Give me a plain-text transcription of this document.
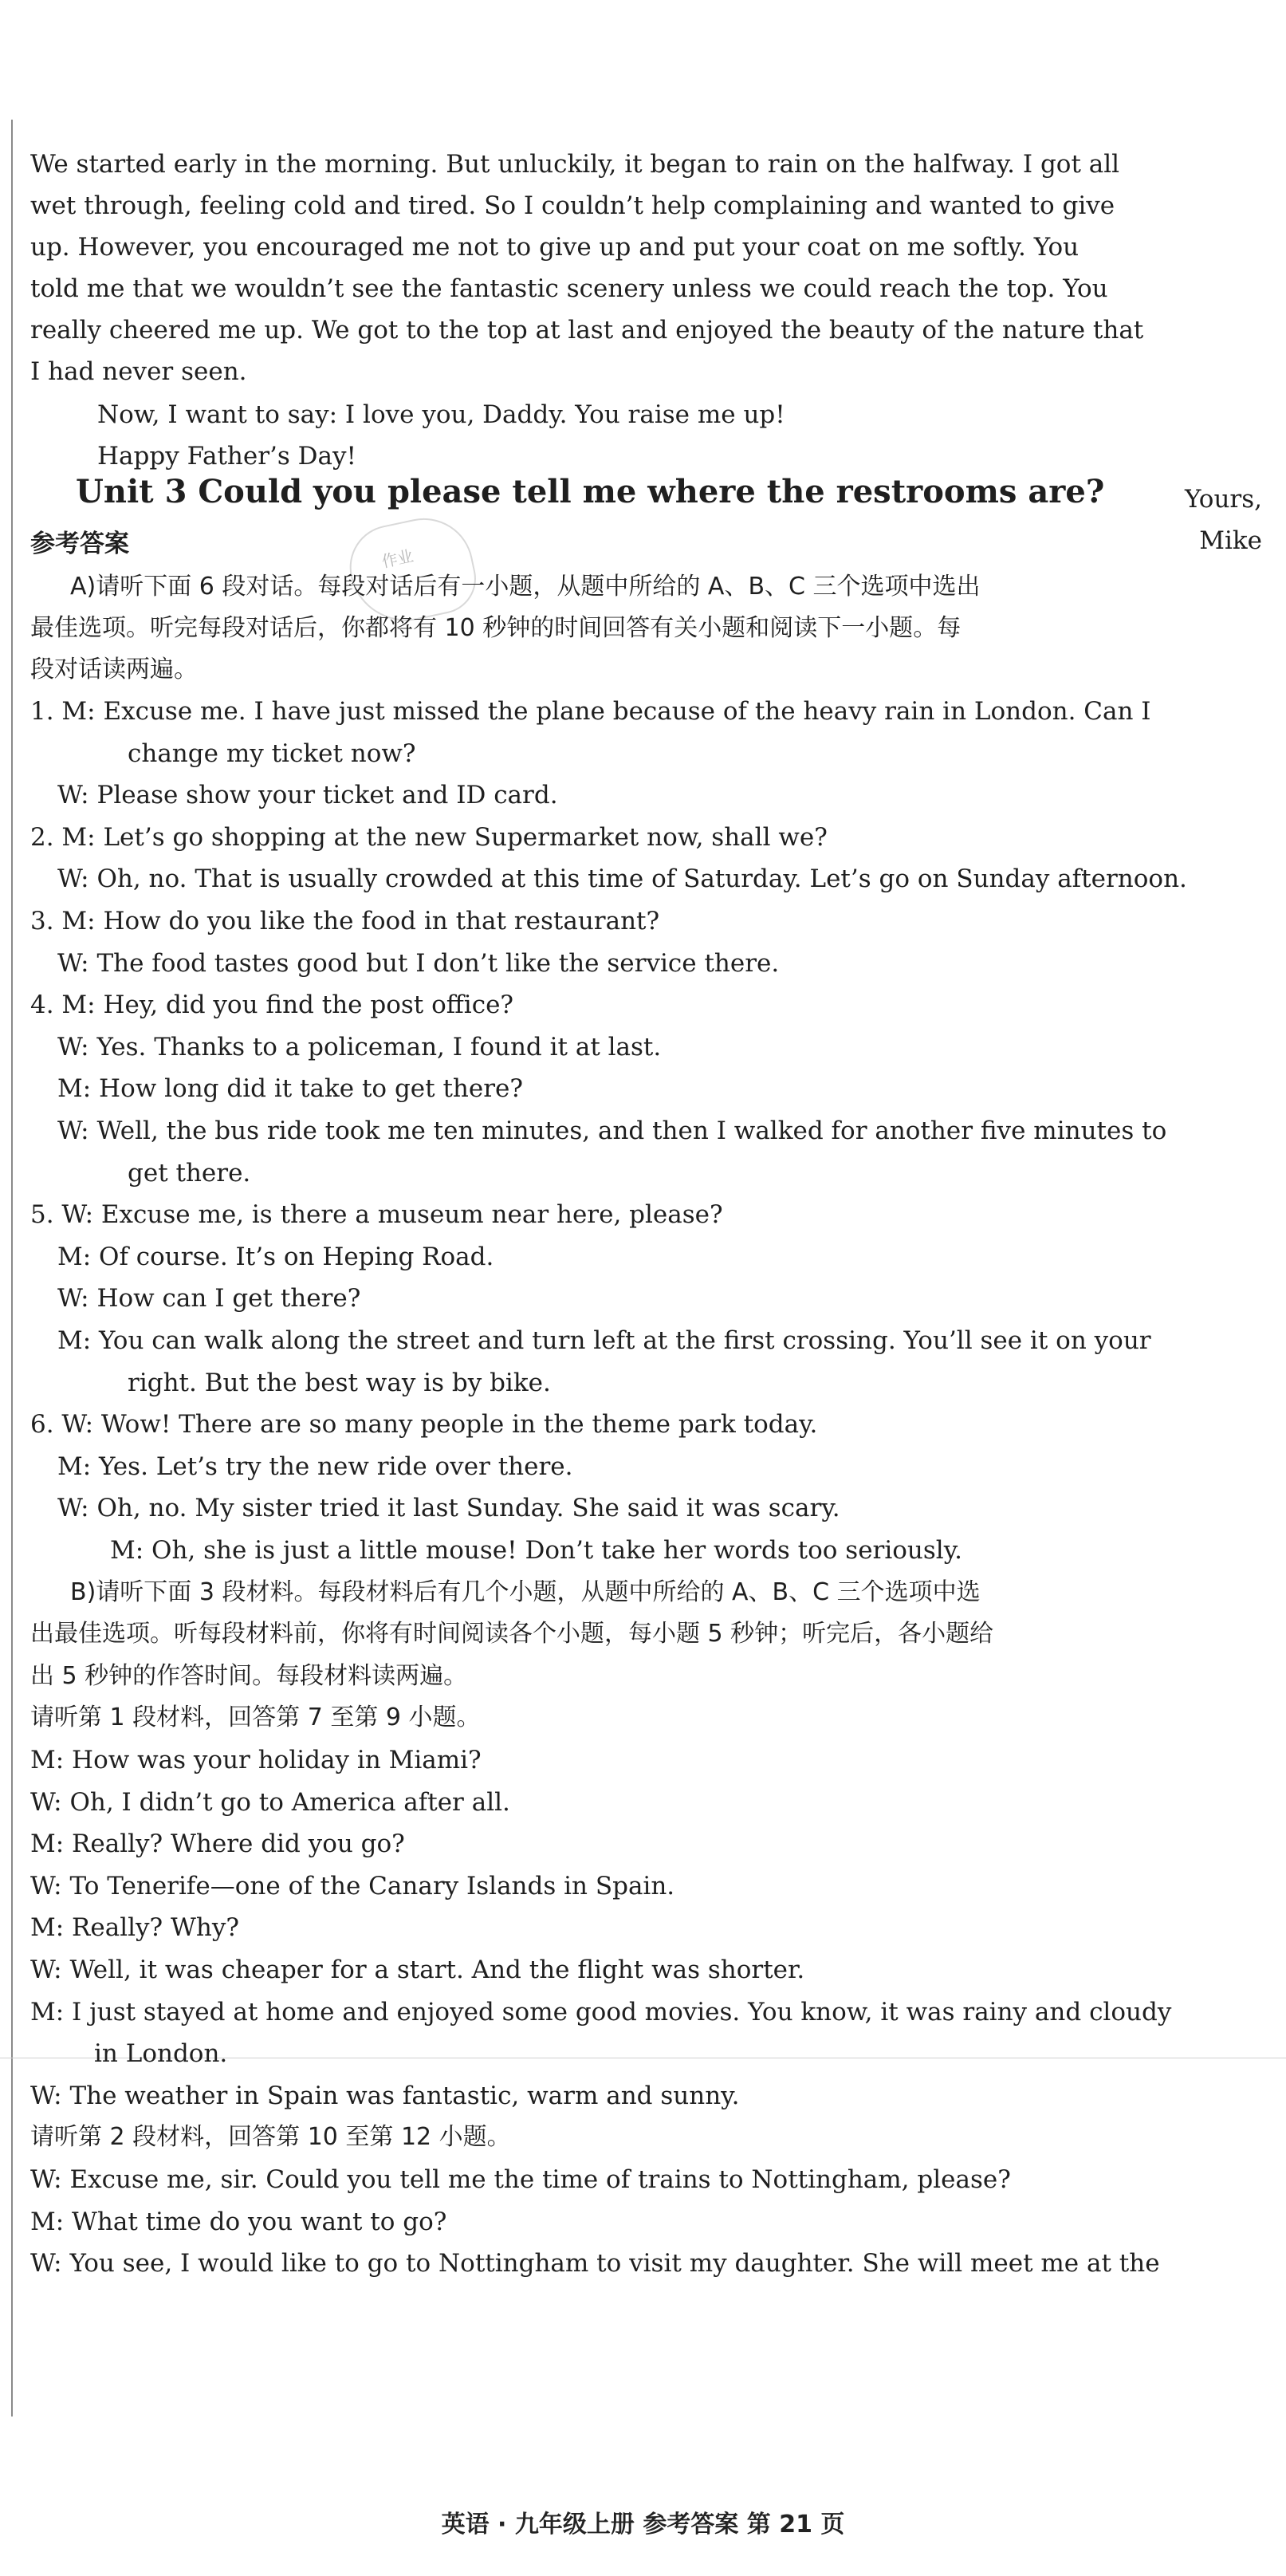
We started early in the morning. But unluckily, it began to rain on the halfway. I got all
wet through, feeling cold and tired. So I couldn’t help complaining and wanted to give
up. However, you encouraged me not to give up and put your coat on me softly. You
told me that we wouldn’t see the fantastic scenery unless we could reach the top. You
really cheered me up. We got to the top at last and enjoyed the beauty of the nature that
I had never seen.
Now, I want to say: I love you, Daddy. You raise me up!
Happy Father’s Day!
Yours,
Mike
Unit 3 Could you please tell me where the restrooms are?
作业
参考答案
A)请听下面 6 段对话。每段对话后有一小题，从题中所给的 A、B、C 三个选项中选出
最佳选项。听完每段对话后，你都将有 10 秒钟的时间回答有关小题和阅读下一小题。每
段对话读两遍。
1. M: Excuse me. I have just missed the plane because of the heavy rain in London. Can I
change my ticket now?
W: Please show your ticket and ID card.
2. M: Let’s go shopping at the new Supermarket now, shall we?
W: Oh, no. That is usually crowded at this time of Saturday. Let’s go on Sunday afternoon.
3. M: How do you like the food in that restaurant?
W: The food tastes good but I don’t like the service there.
4. M: Hey, did you find the post office?
W: Yes. Thanks to a policeman, I found it at last.
M: How long did it take to get there?
W: Well, the bus ride took me ten minutes, and then I walked for another five minutes to
get there.
5. W: Excuse me, is there a museum near here, please?
M: Of course. It’s on Heping Road.
W: How can I get there?
M: You can walk along the street and turn left at the first crossing. You’ll see it on your
right. But the best way is by bike.
6. W: Wow! There are so many people in the theme park today.
M: Yes. Let’s try the new ride over there.
W: Oh, no. My sister tried it last Sunday. She said it was scary.
M: Oh, she is just a little mouse! Don’t take her words too seriously.
B)请听下面 3 段材料。每段材料后有几个小题，从题中所给的 A、B、C 三个选项中选
出最佳选项。听每段材料前，你将有时间阅读各个小题，每小题 5 秒钟；听完后，各小题给
出 5 秒钟的作答时间。每段材料读两遍。
请听第 1 段材料，回答第 7 至第 9 小题。
M: How was your holiday in Miami?
W: Oh, I didn’t go to America after all.
M: Really? Where did you go?
W: To Tenerife—one of the Canary Islands in Spain.
M: Really? Why?
W: Well, it was cheaper for a start. And the flight was shorter.
M: I just stayed at home and enjoyed some good movies. You know, it was rainy and cloudy
in London.
W: The weather in Spain was fantastic, warm and sunny.
请听第 2 段材料，回答第 10 至第 12 小题。
W: Excuse me, sir. Could you tell me the time of trains to Nottingham, please?
M: What time do you want to go?
W: You see, I would like to go to Nottingham to visit my daughter. She will meet me at the
英语 · 九年级上册 参考答案 第 21 页
